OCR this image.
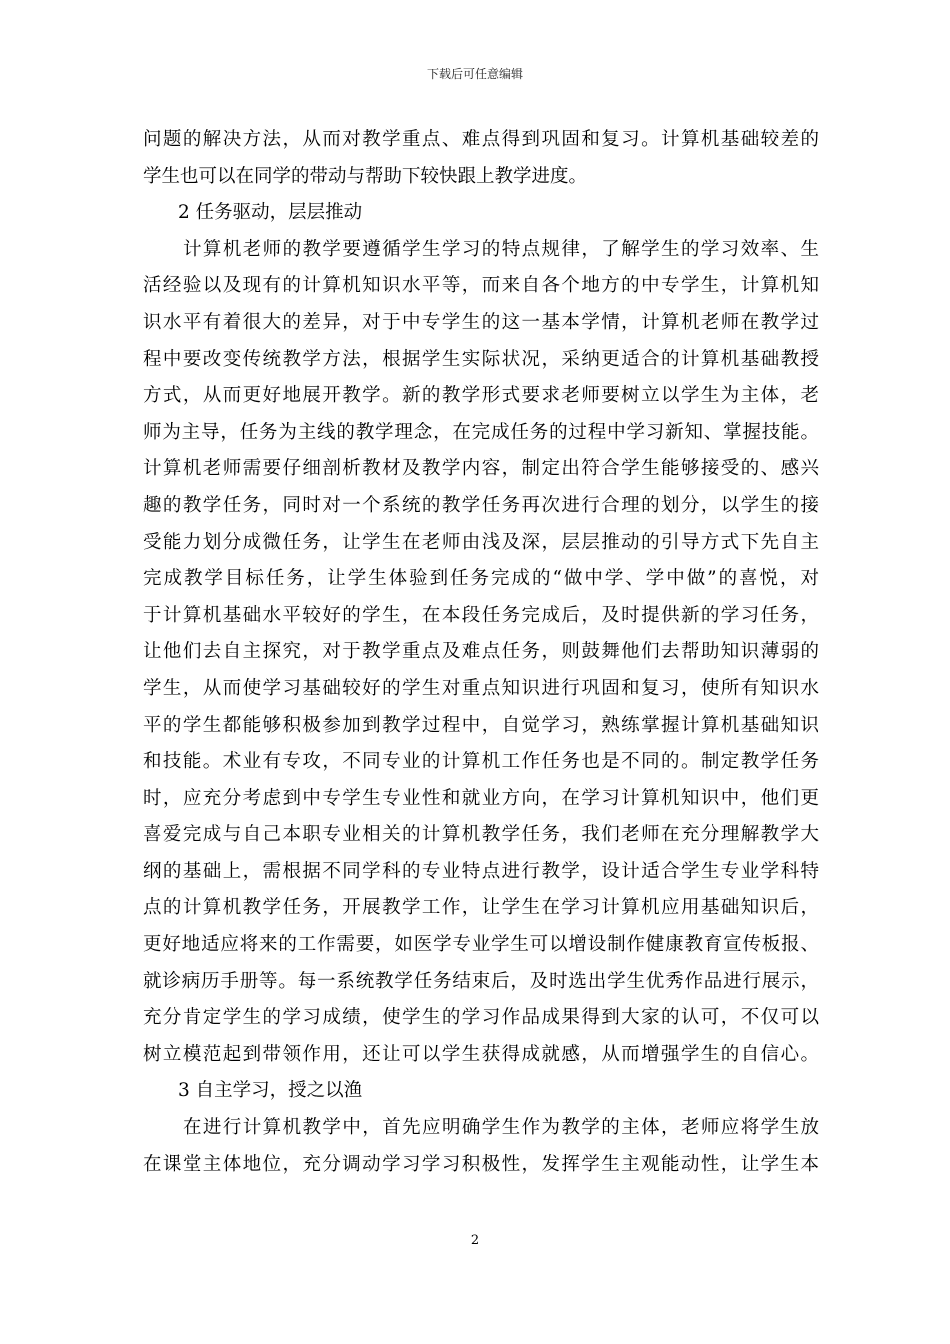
下载后可任意编辑
问题的解决方法，从而对教学重点、难点得到巩固和复习。计算机基础较差的
学生也可以在同学的带动与帮助下较快跟上教学进度。
2 任务驱动，层层推动
计算机老师的教学要遵循学生学习的特点规律，了解学生的学习效率、生
活经验以及现有的计算机知识水平等，而来自各个地方的中专学生，计算机知
识水平有着很大的差异，对于中专学生的这一基本学情，计算机老师在教学过
程中要改变传统教学方法，根据学生实际状况，采纳更适合的计算机基础教授
方式，从而更好地展开教学。新的教学形式要求老师要树立以学生为主体，老
师为主导，任务为主线的教学理念，在完成任务的过程中学习新知、掌握技能。
计算机老师需要仔细剖析教材及教学内容，制定出符合学生能够接受的、感兴
趣的教学任务，同时对一个系统的教学任务再次进行合理的划分，以学生的接
受能力划分成微任务，让学生在老师由浅及深，层层推动的引导方式下先自主
完成教学目标任务，让学生体验到任务完成的“做中学、学中做”的喜悦，对
于计算机基础水平较好的学生，在本段任务完成后，及时提供新的学习任务，
让他们去自主探究，对于教学重点及难点任务，则鼓舞他们去帮助知识薄弱的
学生，从而使学习基础较好的学生对重点知识进行巩固和复习，使所有知识水
平的学生都能够积极参加到教学过程中，自觉学习，熟练掌握计算机基础知识
和技能。术业有专攻，不同专业的计算机工作任务也是不同的。制定教学任务
时，应充分考虑到中专学生专业性和就业方向，在学习计算机知识中，他们更
喜爱完成与自己本职专业相关的计算机教学任务，我们老师在充分理解教学大
纲的基础上，需根据不同学科的专业特点进行教学，设计适合学生专业学科特
点的计算机教学任务，开展教学工作，让学生在学习计算机应用基础知识后，
更好地适应将来的工作需要，如医学专业学生可以增设制作健康教育宣传板报、
就诊病历手册等。每一系统教学任务结束后，及时选出学生优秀作品进行展示，
充分肯定学生的学习成绩，使学生的学习作品成果得到大家的认可，不仅可以
树立模范起到带领作用，还让可以学生获得成就感，从而增强学生的自信心。
3 自主学习，授之以渔
在进行计算机教学中，首先应明确学生作为教学的主体，老师应将学生放
在课堂主体地位，充分调动学习学习积极性，发挥学生主观能动性，让学生本
2
